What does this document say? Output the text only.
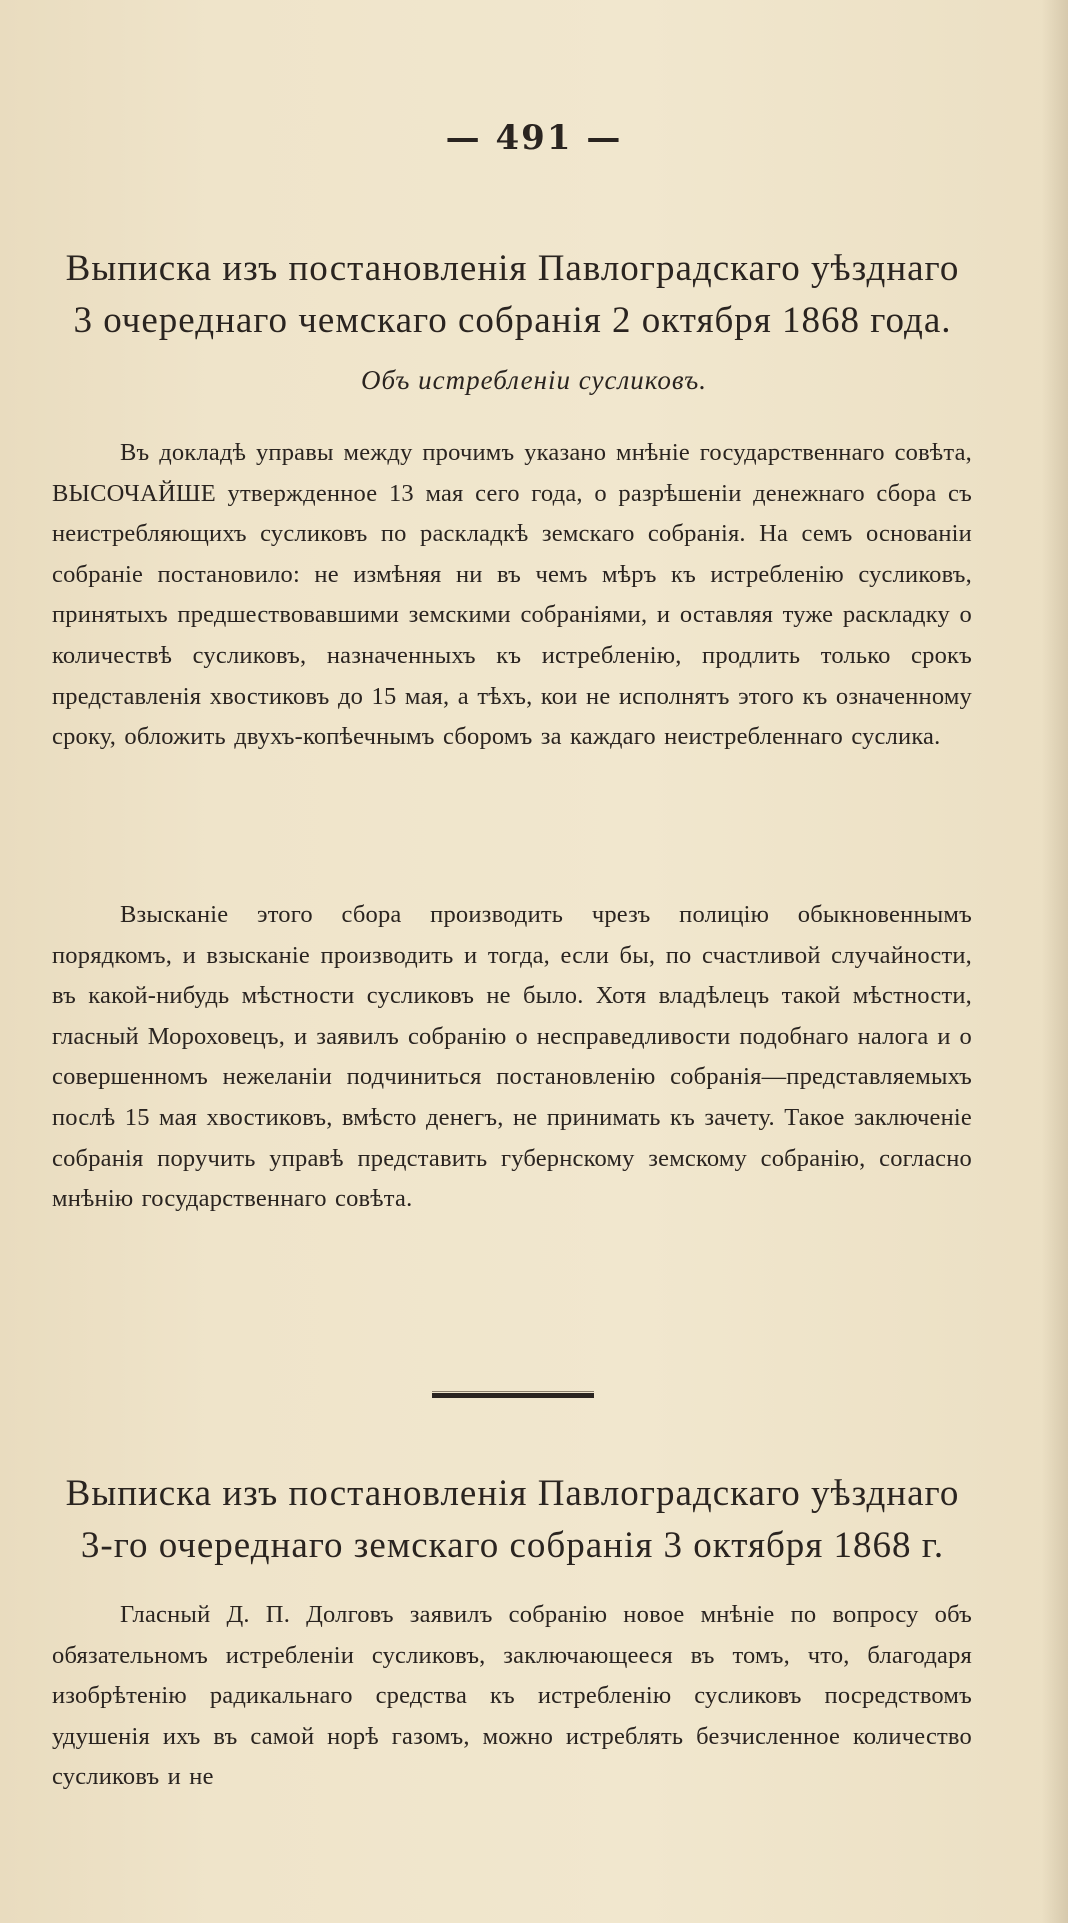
— 491 —
Выписка изъ постановленія Павлоградскаго уѣзднаго
3 очереднаго чемскаго собранія 2 октября 1868 года.
Объ истребленіи сусликовъ.
Въ докладѣ управы между прочимъ указано мнѣніе государственнаго совѣта, ВЫСОЧАЙШЕ утвержденное 13 мая сего года, о разрѣшеніи денежнаго сбора съ неистребляющихъ сусликовъ по раскладкѣ земскаго собранія. На семъ основаніи собраніе постановило: не измѣняя ни въ чемъ мѣръ къ истребленію сусликовъ, принятыхъ предшествовавшими земскими собраніями, и оставляя туже раскладку о количествѣ сусликовъ, назначенныхъ къ истребленію, продлить только срокъ представленія хвостиковъ до 15 мая, а тѣхъ, кои не исполнятъ этого къ означенному сроку, обложить двухъ-копѣечнымъ сборомъ за каждаго неистребленнаго суслика.
Взысканіе этого сбора производить чрезъ полицію обыкновеннымъ порядкомъ, и взысканіе производить и тогда, если бы, по счастливой случайности, въ какой-нибудь мѣстности сусликовъ не было. Хотя владѣлецъ такой мѣстности, гласный Мороховецъ, и заявилъ собранію о несправедливости подобнаго налога и о совершенномъ нежеланіи подчиниться постановленію собранія—представляемыхъ послѣ 15 мая хвостиковъ, вмѣсто денегъ, не принимать къ зачету. Такое заключеніе собранія поручить управѣ представить губернскому земскому собранію, согласно мнѣнію государственнаго совѣта.
Выписка изъ постановленія Павлоградскаго уѣзднаго
3-го очереднаго земскаго собранія 3 октября 1868 г.
Гласный Д. П. Долговъ заявилъ собранію новое мнѣніе по вопросу объ обязательномъ истребленіи сусликовъ, заключающееся въ томъ, что, благодаря изобрѣтенію радикальнаго средства къ истребленію сусликовъ посредствомъ удушенія ихъ въ самой норѣ газомъ, можно истреблять безчисленное количество сусликовъ и не
